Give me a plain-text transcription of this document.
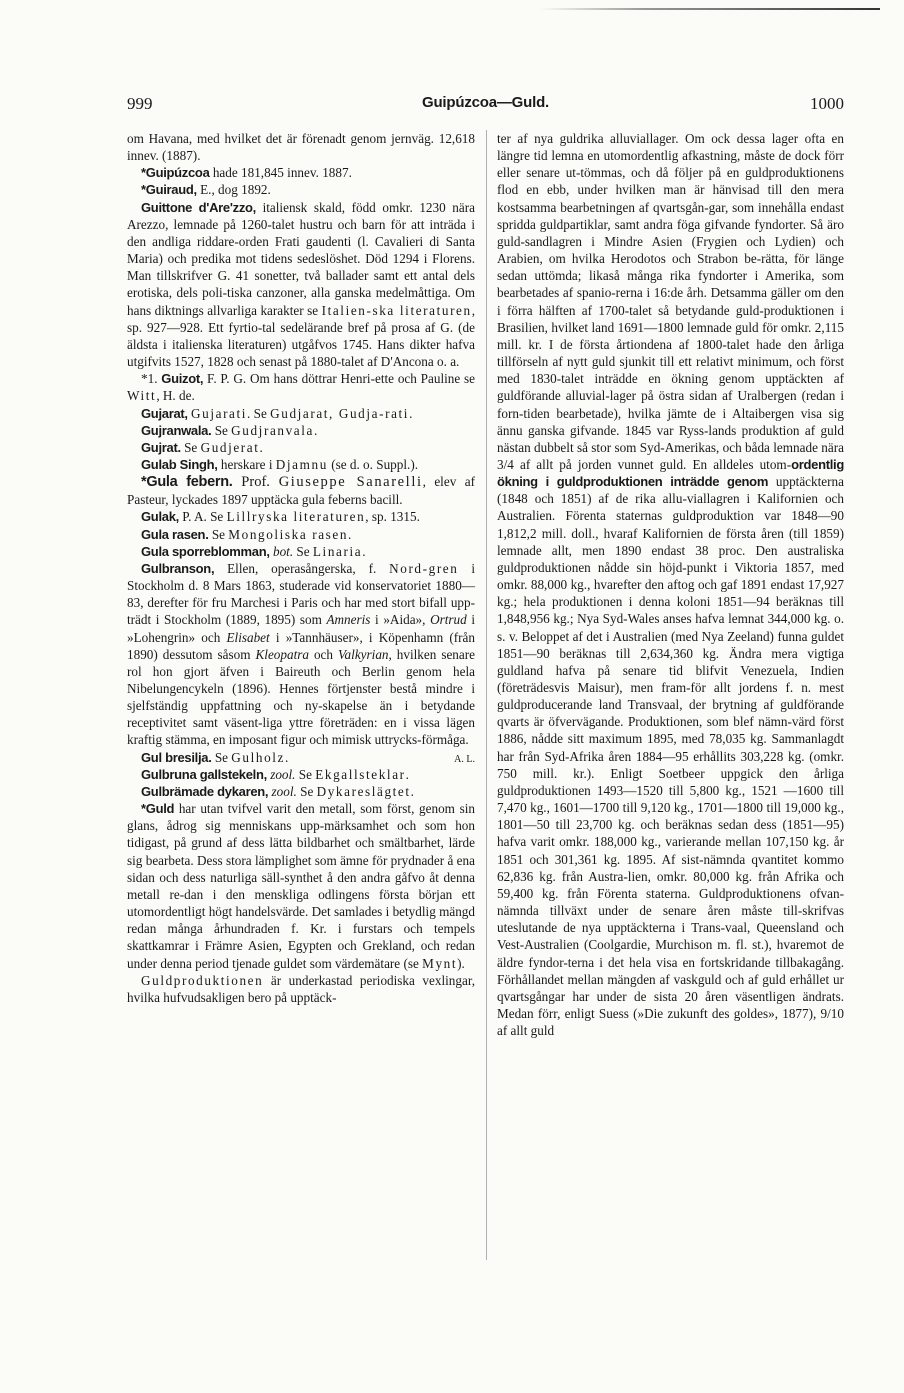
999	Guipúzcoa—Guld.	1000

om Havana, med hvilket det är förenadt genom jernväg. 12,618 innev. (1887).

*Guipúzcoa hade 181,845 innev. 1887.

*Guiraud, E., dog 1892.

Guittone d'Are'zzo, italiensk skald, född omkr. 1230 nära Arezzo, lemnade på 1260-talet hustru och barn för att inträda i den andliga riddare-orden Frati gaudenti (l. Cavalieri di Santa Maria) och predika mot tidens sedeslöshet. Död 1294 i Florens. Man tillskrifver G. 41 sonetter, två ballader samt ett antal dels erotiska, dels poli-tiska canzoner, alla ganska medelmåttiga. Om hans diktnings allvarliga karakter se Italien-ska literaturen, sp. 927—928. Ett fyrtio-tal sedelärande bref på prosa af G. (de äldsta i italienska literaturen) utgåfvos 1745. Hans dikter hafva utgifvits 1527, 1828 och senast på 1880-talet af D'Ancona o. a.

*1. Guizot, F. P. G. Om hans döttrar Henri-ette och Pauline se Witt, H. de.

Gujarat, Gujarati. Se Gudjarat, Gudja-rati.

Gujranwala. Se Gudjranvala.

Gujrat. Se Gudjerat.

Gulab Singh, herskare i Djamnu (se d. o. Suppl.).

*Gula febern. Prof. Giuseppe Sanarelli, elev af Pasteur, lyckades 1897 upptäcka gula feberns bacill.

Gulak, P. A. Se Lillryska literaturen, sp. 1315.

Gula rasen. Se Mongoliska rasen.

Gula sporreblomman, bot. Se Linaria.

Gulbranson, Ellen, operasångerska, f. Nord-gren i Stockholm d. 8 Mars 1863, studerade vid konservatoriet 1880—83, derefter för fru Marchesi i Paris och har med stort bifall upp-trädt i Stockholm (1889, 1895) som Amneris i »Aida», Ortrud i »Lohengrin» och Elisabet i »Tannhäuser», i Köpenhamn (från 1890) dessutom såsom Kleopatra och Valkyrian, hvilken senare rol hon gjort äfven i Baireuth och Berlin genom hela Nibelungencykeln (1896). Hennes förtjenster bestå mindre i sjelfständig uppfattning och ny-skapelse än i betydande receptivitet samt väsent-liga yttre företräden: en i vissa lägen kraftig stämma, en imposant figur och mimisk uttrycks-förmåga.
A. L.

Gul bresilja. Se Gulholz.

Gulbruna gallstekeln, zool. Se Ekgallsteklar.

Gulbrämade dykaren, zool. Se Dykareslägtet.

*Guld har utan tvifvel varit den metall, som först, genom sin glans, ådrog sig menniskans upp-märksamhet och som hon tidigast, på grund af dess lätta bildbarhet och smältbarhet, lärde sig bearbeta. Dess stora lämplighet som ämne för prydnader å ena sidan och dess naturliga säll-synthet å den andra gåfvo åt denna metall re-dan i den menskliga odlingens första början ett utomordentligt högt handelsvärde. Det samlades i betydlig mängd redan många århundraden f. Kr. i furstars och tempels skattkamrar i Främre Asien, Egypten och Grekland, och redan under denna period tjenade guldet som värdemätare (se Mynt).

Guldproduktionen är underkastad periodiska vexlingar, hvilka hufvudsakligen bero på upptäck-

ter af nya guldrika alluviallager. Om ock dessa lager ofta en längre tid lemna en utomordentlig afkastning, måste de dock förr eller senare ut-tömmas, och då följer på en guldproduktionens flod en ebb, under hvilken man är hänvisad till den mera kostsamma bearbetningen af qvartsgån-gar, som innehålla endast spridda guldpartiklar, samt andra föga gifvande fyndorter. Så äro guld-sandlagren i Mindre Asien (Frygien och Lydien) och Arabien, om hvilka Herodotos och Strabon be-rätta, för länge sedan uttömda; likaså många rika fyndorter i Amerika, som bearbetades af spanio-rerna i 16:de årh. Detsamma gäller om den i förra hälften af 1700-talet så betydande guld-produktionen i Brasilien, hvilket land 1691—1800 lemnade guld för omkr. 2,115 mill. kr. I de första årtiondena af 1800-talet hade den årliga tillförseln af nytt guld sjunkit till ett relativt minimum, och först med 1830-talet inträdde en ökning genom upptäckten af guldförande alluvial-lager på östra sidan af Uralbergen (redan i forn-tiden bearbetade), hvilka jämte de i Altaibergen visa sig ännu ganska gifvande. 1845 var Ryss-lands produktion af guld nästan dubbelt så stor som Syd-Amerikas, och båda lemnade nära 3/4 af allt på jorden vunnet guld. En alldeles utom-ordentlig ökning i guldproduktionen inträdde genom upptäckterna (1848 och 1851) af de rika allu-viallagren i Kalifornien och Australien. Förenta staternas guldproduktion var 1848—90 1,812,2 mill. doll., hvaraf Kalifornien de första åren (till 1859) lemnade allt, men 1890 endast 38 proc. Den australiska guldproduktionen nådde sin höjd-punkt i Viktoria 1857, med omkr. 88,000 kg., hvarefter den aftog och gaf 1891 endast 17,927 kg.; hela produktionen i denna koloni 1851—94 beräknas till 1,848,956 kg.; Nya Syd-Wales anses hafva lemnat 344,000 kg. o. s. v. Beloppet af det i Australien (med Nya Zeeland) funna guldet 1851—90 beräknas till 2,634,360 kg. Ändra mera vigtiga guldland hafva på senare tid blifvit Venezuela, Indien (företrädesvis Maisur), men fram-för allt jordens f. n. mest guldproducerande land Transvaal, der brytning af guldförande qvarts är öfvervägande. Produktionen, som blef nämn-värd först 1886, nådde sitt maximum 1895, med 78,035 kg. Sammanlagdt har från Syd-Afrika åren 1884—95 erhållits 303,228 kg. (omkr. 750 mill. kr.). Enligt Soetbeer uppgick den årliga guldproduktionen 1493—1520 till 5,800 kg., 1521 —1600 till 7,470 kg., 1601—1700 till 9,120 kg., 1701—1800 till 19,000 kg., 1801—50 till 23,700 kg. och beräknas sedan dess (1851—95) hafva varit omkr. 188,000 kg., varierande mellan 107,150 kg. år 1851 och 301,361 kg. 1895. Af sist-nämnda qvantitet kommo 62,836 kg. från Austra-lien, omkr. 80,000 kg. från Afrika och 59,400 kg. från Förenta staterna. Guldproduktionens ofvan-nämnda tillväxt under de senare åren måste till-skrifvas uteslutande de nya upptäckterna i Trans-vaal, Queensland och Vest-Australien (Coolgardie, Murchison m. fl. st.), hvaremot de äldre fyndor-terna i det hela visa en fortskridande tillbakagång. Förhållandet mellan mängden af vaskguld och af guld erhållet ur qvartsgångar har under de sista 20 åren väsentligen ändrats. Medan förr, enligt Suess (»Die zukunft des goldes», 1877), 9/10 af allt guld
